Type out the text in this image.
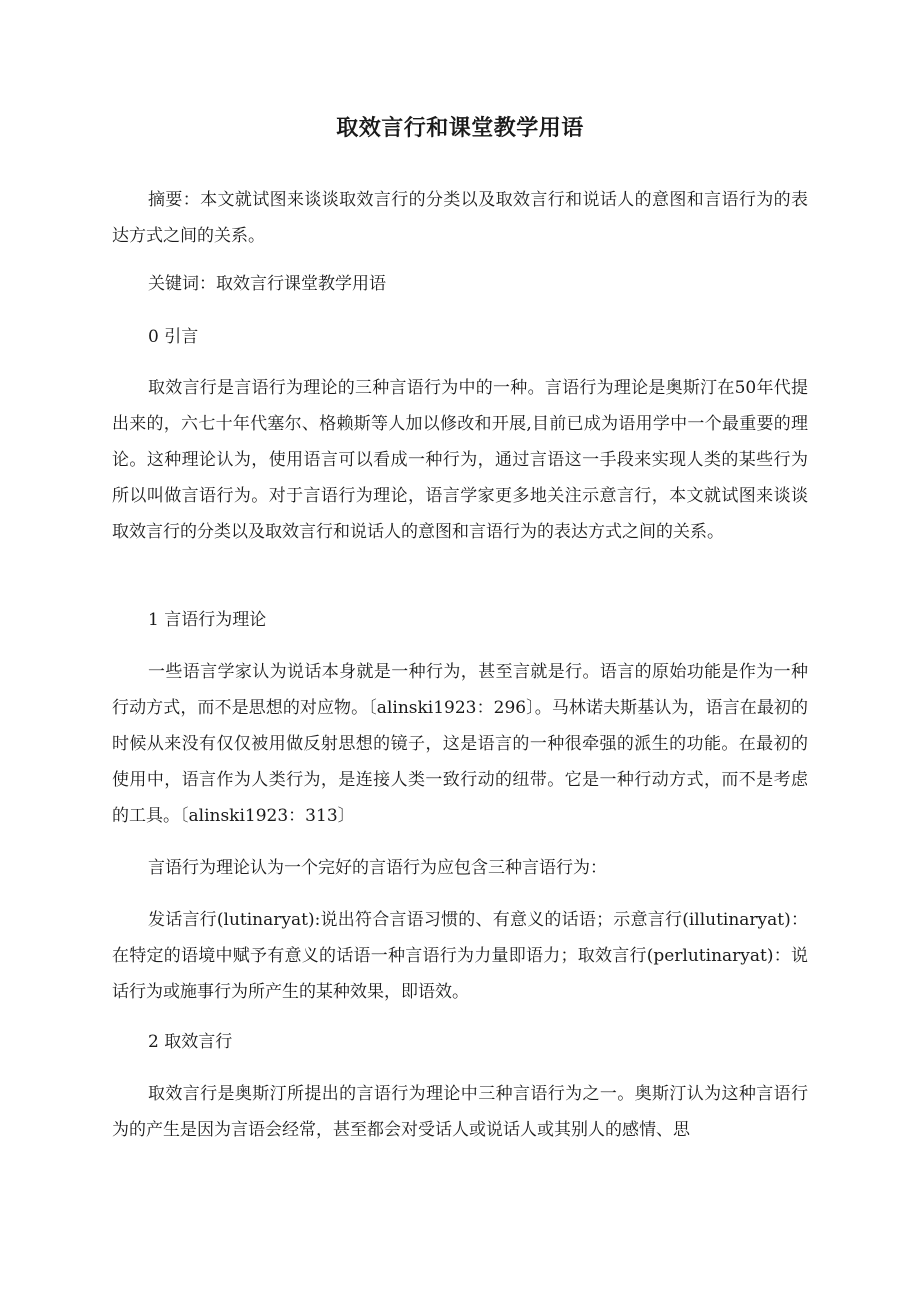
取效言行和课堂教学用语

摘要：本文就试图来谈谈取效言行的分类以及取效言行和说话人的意图和言语行为的表达方式之间的关系。

关键词：取效言行课堂教学用语

0 引言

取效言行是言语行为理论的三种言语行为中的一种。言语行为理论是奥斯汀在50年代提出来的，六七十年代塞尔、格赖斯等人加以修改和开展,目前已成为语用学中一个最重要的理论。这种理论认为，使用语言可以看成一种行为，通过言语这一手段来实现人类的某些行为所以叫做言语行为。对于言语行为理论，语言学家更多地关注示意言行，本文就试图来谈谈取效言行的分类以及取效言行和说话人的意图和言语行为的表达方式之间的关系。

1 言语行为理论

一些语言学家认为说话本身就是一种行为，甚至言就是行。语言的原始功能是作为一种行动方式，而不是思想的对应物。〔alinski1923：296〕。马林诺夫斯基认为，语言在最初的时候从来没有仅仅被用做反射思想的镜子，这是语言的一种很牵强的派生的功能。在最初的使用中，语言作为人类行为，是连接人类一致行动的纽带。它是一种行动方式，而不是考虑的工具。〔alinski1923：313〕

言语行为理论认为一个完好的言语行为应包含三种言语行为：

发话言行(lutinaryat):说出符合言语习惯的、有意义的话语；示意言行(illutinaryat)：在特定的语境中赋予有意义的话语一种言语行为力量即语力；取效言行(perlutinaryat)：说话行为或施事行为所产生的某种效果，即语效。

2 取效言行

取效言行是奥斯汀所提出的言语行为理论中三种言语行为之一。奥斯汀认为这种言语行为的产生是因为言语会经常，甚至都会对受话人或说话人或其别人的感情、思
